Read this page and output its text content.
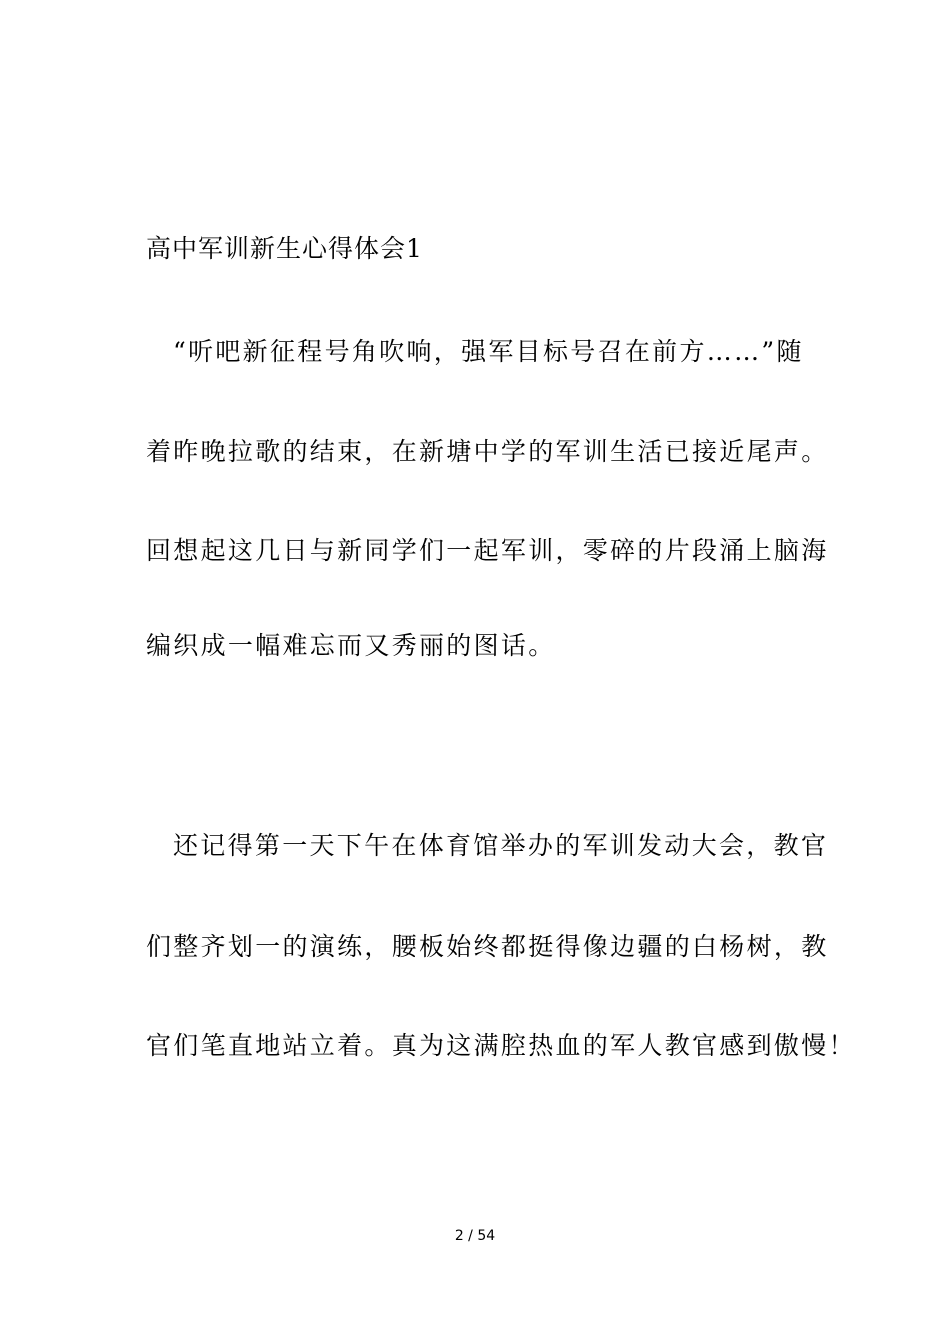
高中军训新生心得体会1
“听吧新征程号角吹响，强军目标号召在前方……”随
着昨晚拉歌的结束，在新塘中学的军训生活已接近尾声。
回想起这几日与新同学们一起军训，零碎的片段涌上脑海
编织成一幅难忘而又秀丽的图话。
还记得第一天下午在体育馆举办的军训发动大会，教官
们整齐划一的演练，腰板始终都挺得像边疆的白杨树，教
官们笔直地站立着。真为这满腔热血的军人教官感到傲慢！
2 / 54
